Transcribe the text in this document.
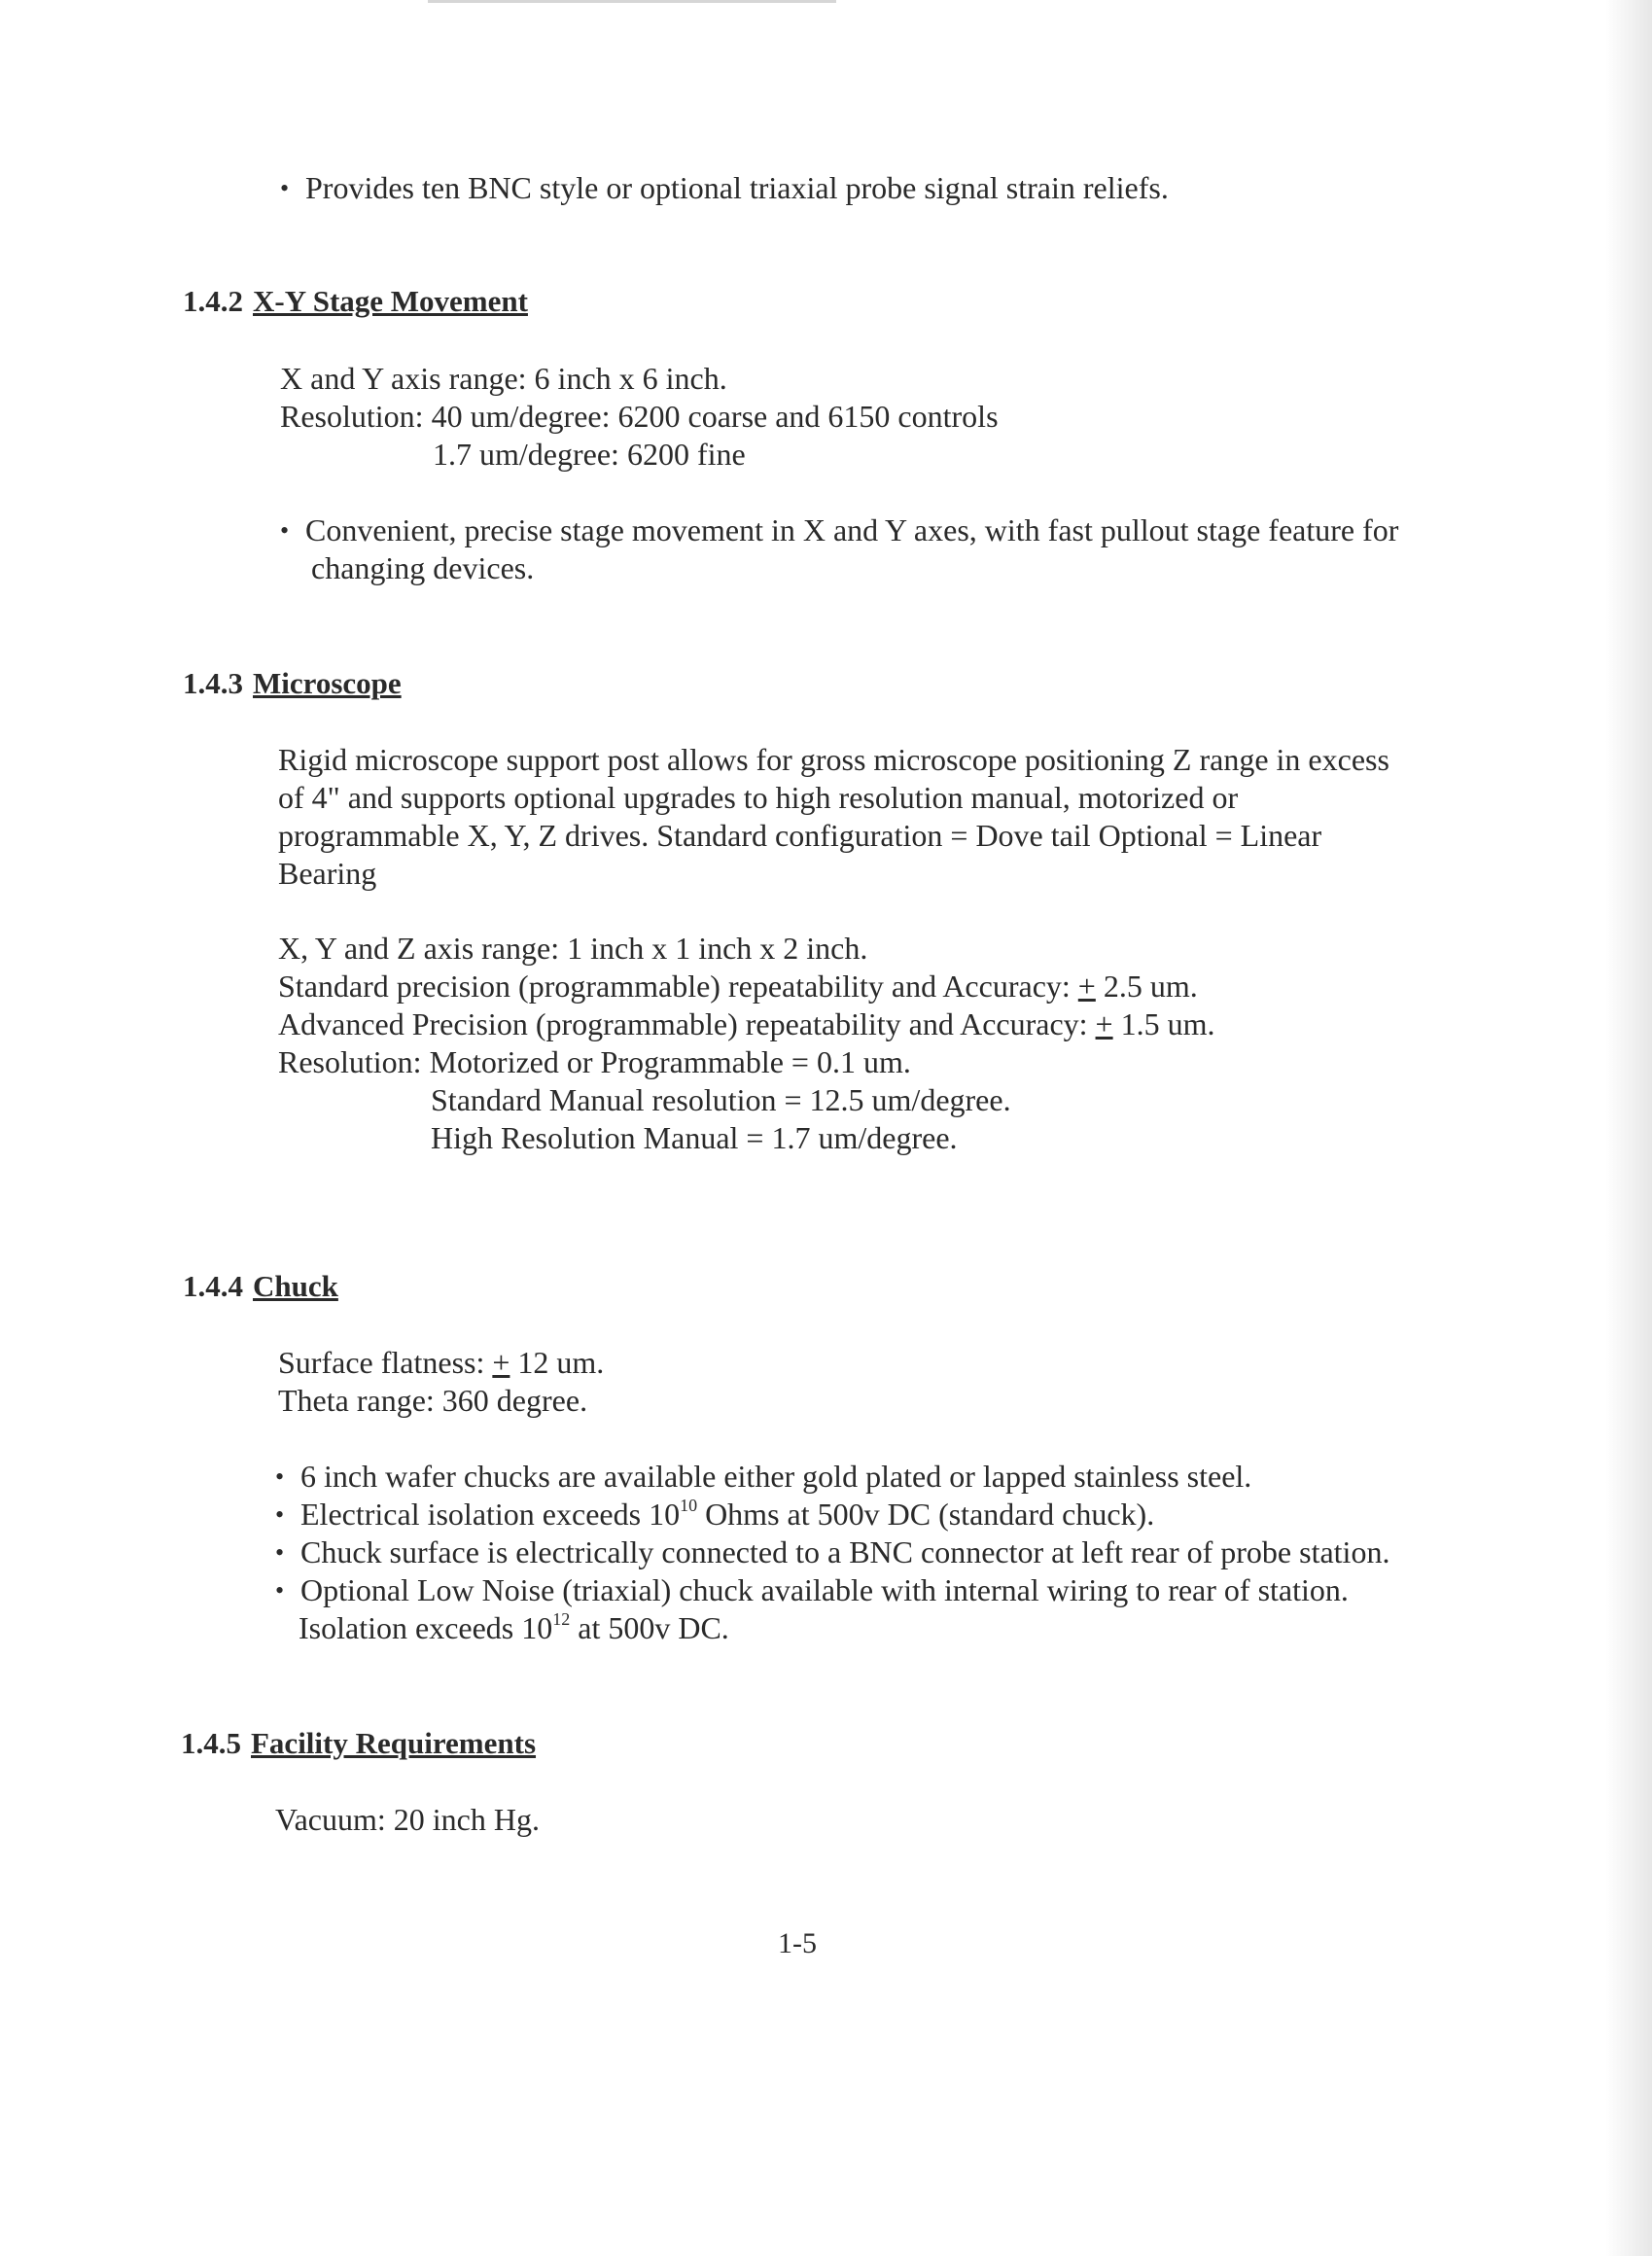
• Provides ten BNC style or optional triaxial probe signal strain reliefs.
1.4.2 X-Y Stage Movement
X and Y axis range: 6 inch x 6 inch.
Resolution: 40 um/degree: 6200 coarse and 6150 controls
1.7 um/degree: 6200 fine
• Convenient, precise stage movement in X and Y axes, with fast pullout stage feature for
changing devices.
1.4.3 Microscope
Rigid microscope support post allows for gross microscope positioning Z range in excess
of 4" and supports optional upgrades to high resolution manual, motorized or
programmable X, Y, Z drives. Standard configuration = Dove tail Optional = Linear
Bearing
X, Y and Z axis range: 1 inch x 1 inch x 2 inch.
Standard precision (programmable) repeatability and Accuracy: + 2.5 um.
Advanced Precision (programmable) repeatability and Accuracy: + 1.5 um.
Resolution: Motorized or Programmable = 0.1 um.
Standard Manual resolution = 12.5 um/degree.
High Resolution Manual = 1.7 um/degree.
1.4.4 Chuck
Surface flatness: + 12 um.
Theta range: 360 degree.
• 6 inch wafer chucks are available either gold plated or lapped stainless steel.
• Electrical isolation exceeds $10^{10}$ Ohms at 500v DC (standard chuck).
• Chuck surface is electrically connected to a BNC connector at left rear of probe station.
• Optional Low Noise (triaxial) chuck available with internal wiring to rear of station.
Isolation exceeds $10^{12}$ at 500v DC.
1.4.5 Facility Requirements
Vacuum: 20 inch Hg.
1-5
